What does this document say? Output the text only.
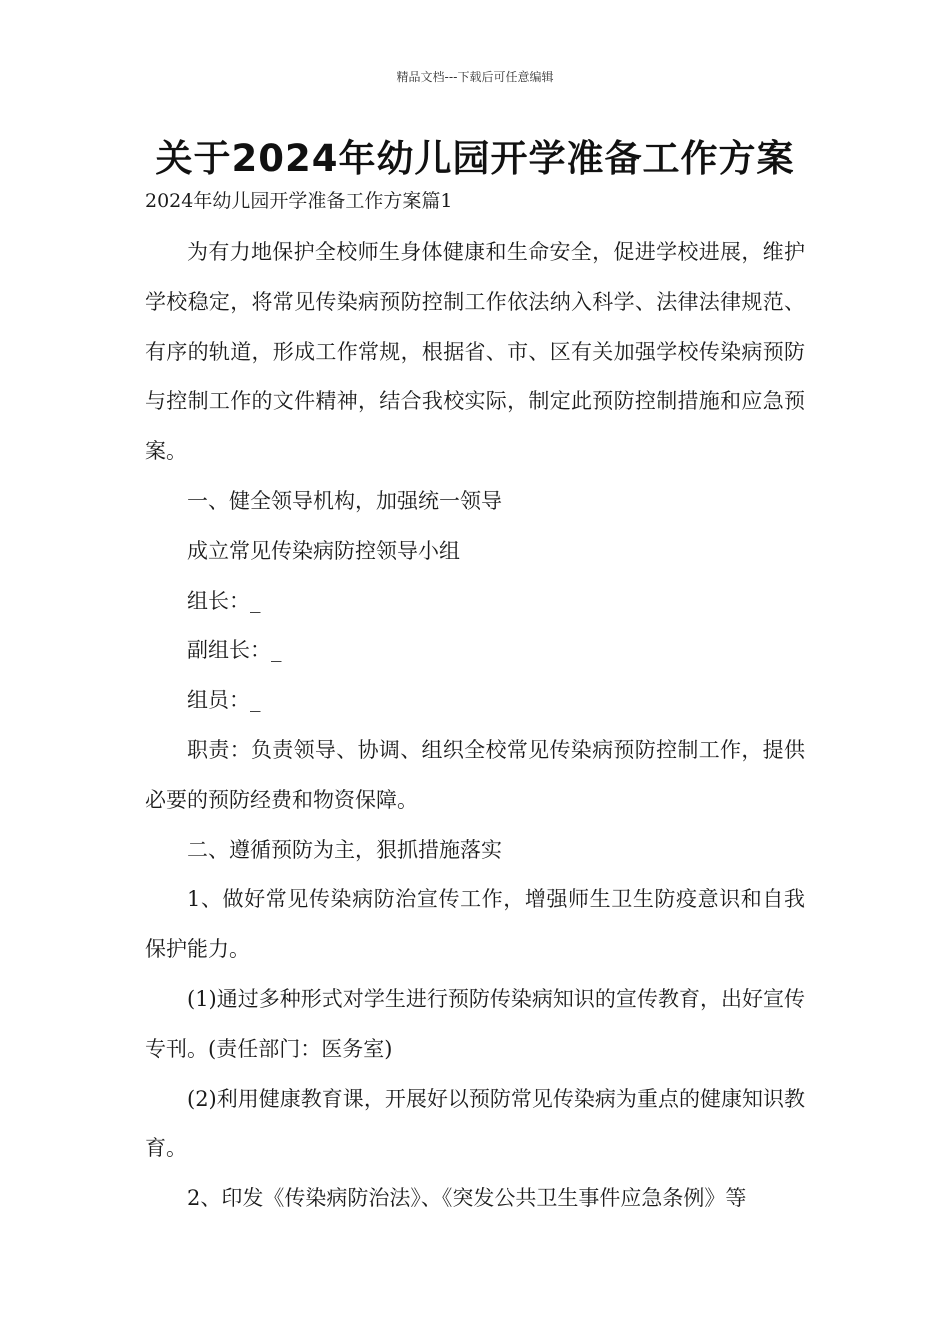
精品文档---下载后可任意编辑
关于2024年幼儿园开学准备工作方案
2024年幼儿园开学准备工作方案篇1

为有力地保护全校师生身体健康和生命安全，促进学校进展，维护学校稳定，将常见传染病预防控制工作依法纳入科学、法律法律规范、有序的轨道，形成工作常规，根据省、市、区有关加强学校传染病预防与控制工作的文件精神，结合我校实际，制定此预防控制措施和应急预案。

一、健全领导机构，加强统一领导

成立常见传染病防控领导小组

组长：_

副组长：_

组员：_

职责：负责领导、协调、组织全校常见传染病预防控制工作，提供必要的预防经费和物资保障。

二、遵循预防为主，狠抓措施落实

1、做好常见传染病防治宣传工作，增强师生卫生防疫意识和自我保护能力。

(1)通过多种形式对学生进行预防传染病知识的宣传教育，出好宣传专刊。(责任部门：医务室)

(2)利用健康教育课，开展好以预防常见传染病为重点的健康知识教育。

2、印发《传染病防治法》、《突发公共卫生事件应急条例》等
